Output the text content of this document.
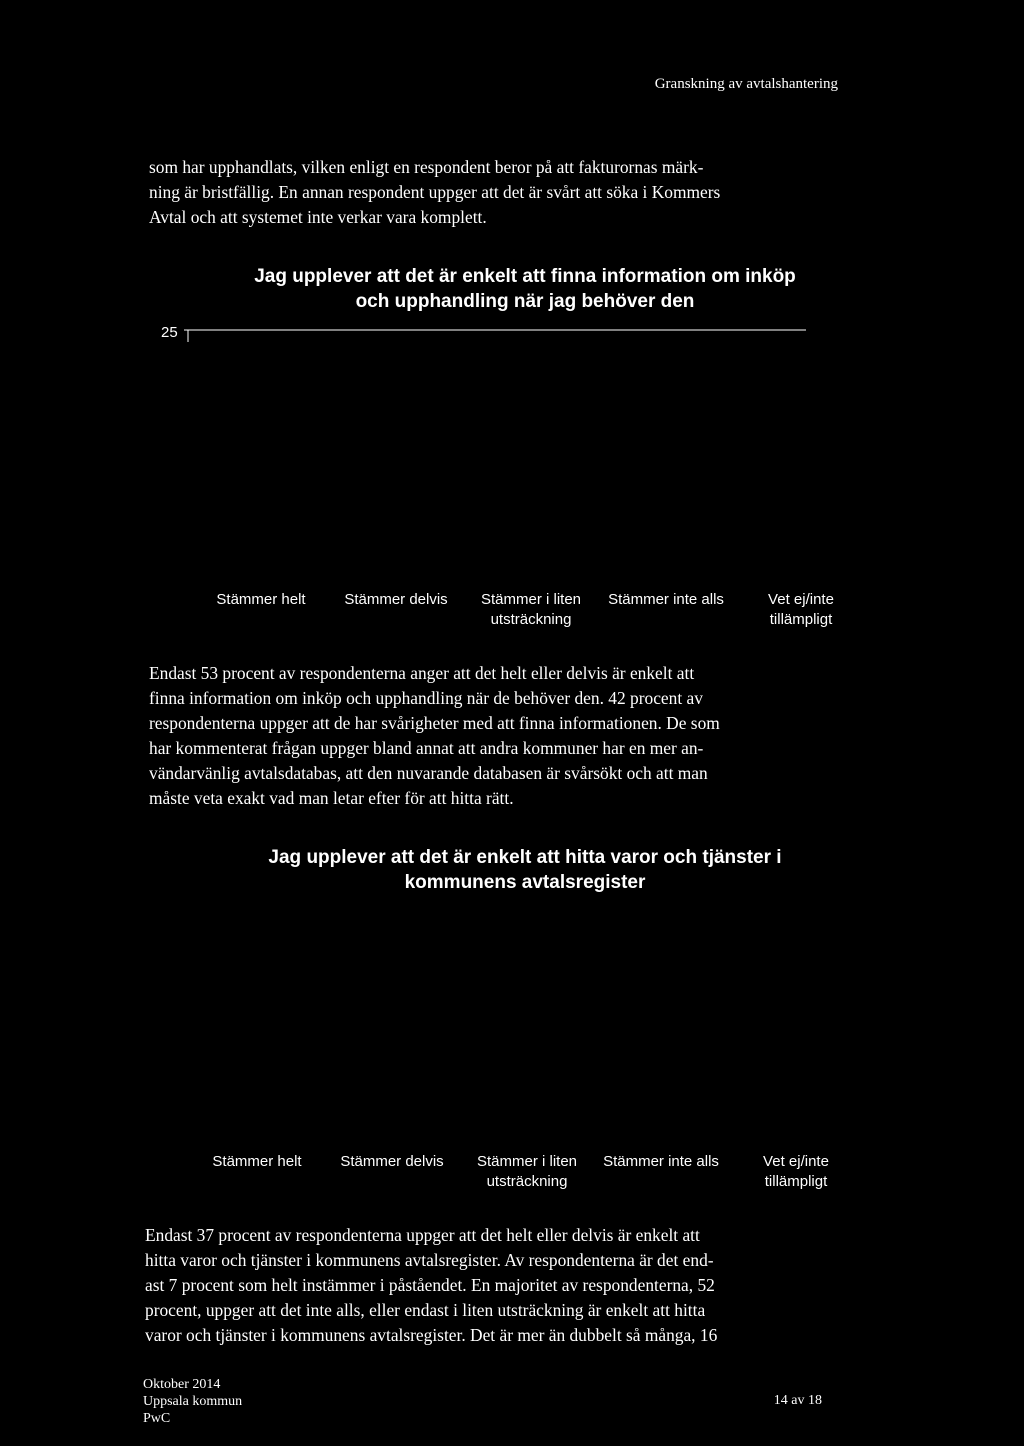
Granskning av avtalshantering
som har upphandlats, vilken enligt en respondent beror på att fakturornas märk-
ning är bristfällig. En annan respondent uppger att det är svårt att söka i Kommers
Avtal och att systemet inte verkar vara komplett.
Jag upplever att det är enkelt att finna information om inköp
och upphandling när jag behöver den
25
Stämmer helt	Stämmer delvis	Stämmer i liten
utsträckning
Stämmer inte alls	Vet ej/inte
tillämpligt
Endast 53 procent av respondenterna anger att det helt eller delvis är enkelt att
finna information om inköp och upphandling när de behöver den. 42 procent av
respondenterna uppger att de har svårigheter med att finna informationen. De som
har kommenterat frågan uppger bland annat att andra kommuner har en mer an-
vändarvänlig avtalsdatabas, att den nuvarande databasen är svårsökt och att man
måste veta exakt vad man letar efter för att hitta rätt.
Jag upplever att det är enkelt att hitta varor och tjänster i
kommunens avtalsregister
Stämmer helt	Stämmer delvis	Stämmer i liten
utsträckning
Stämmer inte alls	Vet ej/inte
tillämpligt
Endast 37 procent av respondenterna uppger att det helt eller delvis är enkelt att
hitta varor och tjänster i kommunens avtalsregister. Av respondenterna är det end-
ast 7 procent som helt instämmer i påståendet. En majoritet av respondenterna, 52
procent, uppger att det inte alls, eller endast i liten utsträckning är enkelt att hitta
varor och tjänster i kommunens avtalsregister. Det är mer än dubbelt så många, 16
Oktober 2014
Uppsala kommun
PwC
14 av 18
